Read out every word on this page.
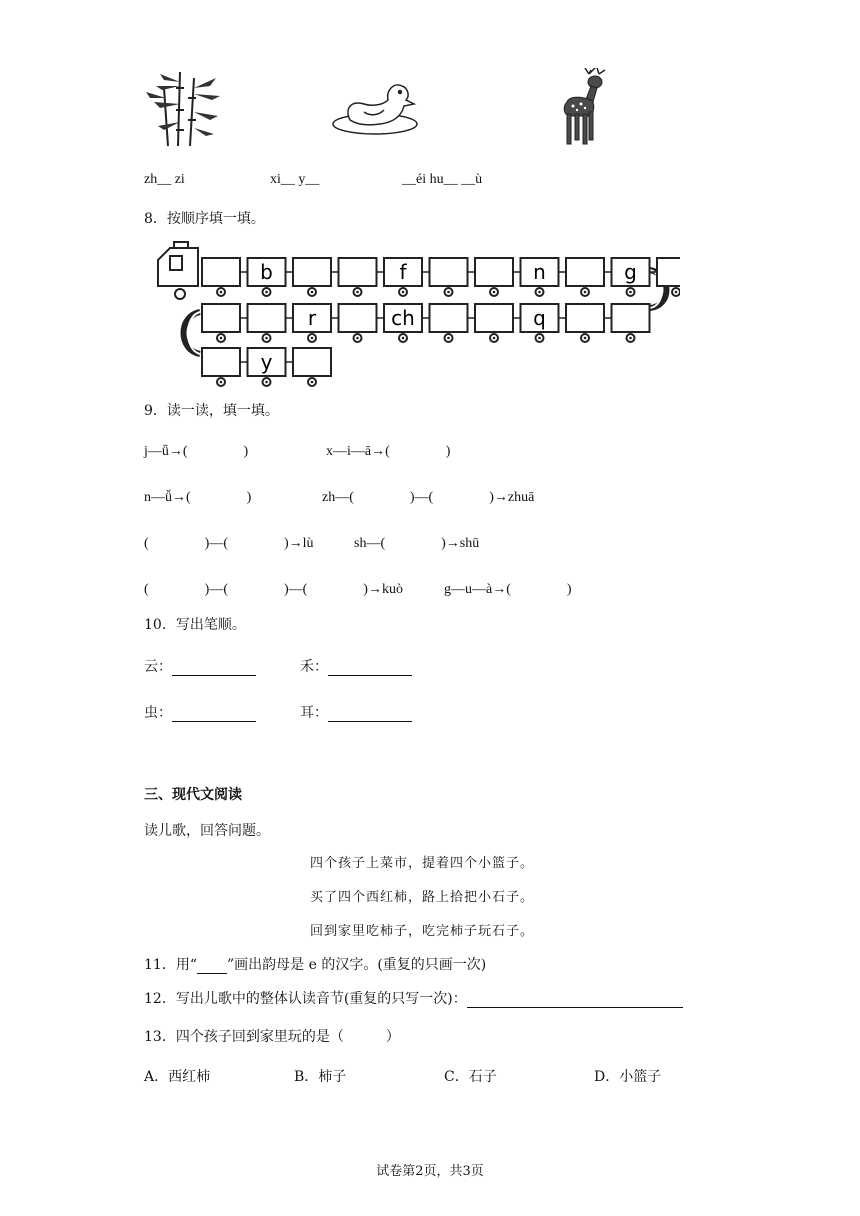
zh__ zi	xi__ y__	__éi hu__ __ù
8．按顺序填一填。
b	f	n	g
r	ch	q
y
9．读一读，填一填。
j—ǖ→(　　　　)	x—i—ā→(　　　　)
n—ǚ→(　　　　)	zh—(　　　　)—(　　　　)→zhuā
(　　　　)—(　　　　)→lù	sh—(　　　　)→shū
(　　　　)—(　　　　)—(　　　　)→kuò	g—u—à→(　　　　)
10．写出笔顺。
云：	禾：
虫：	耳：
三、现代文阅读
读儿歌，回答问题。
四个孩子上菜市，提着四个小篮子。
买了四个西红柿，路上拾把小石子。
回到家里吃柿子，吃完柿子玩石子。
11．用“ ”画出韵母是 e 的汉字。(重复的只画一次)
12．写出儿歌中的整体认读音节(重复的只写一次)：
13．四个孩子回到家里玩的是（　　　）
A．西红柿	B．柿子	C．石子	D．小篮子
试卷第2页，共3页
